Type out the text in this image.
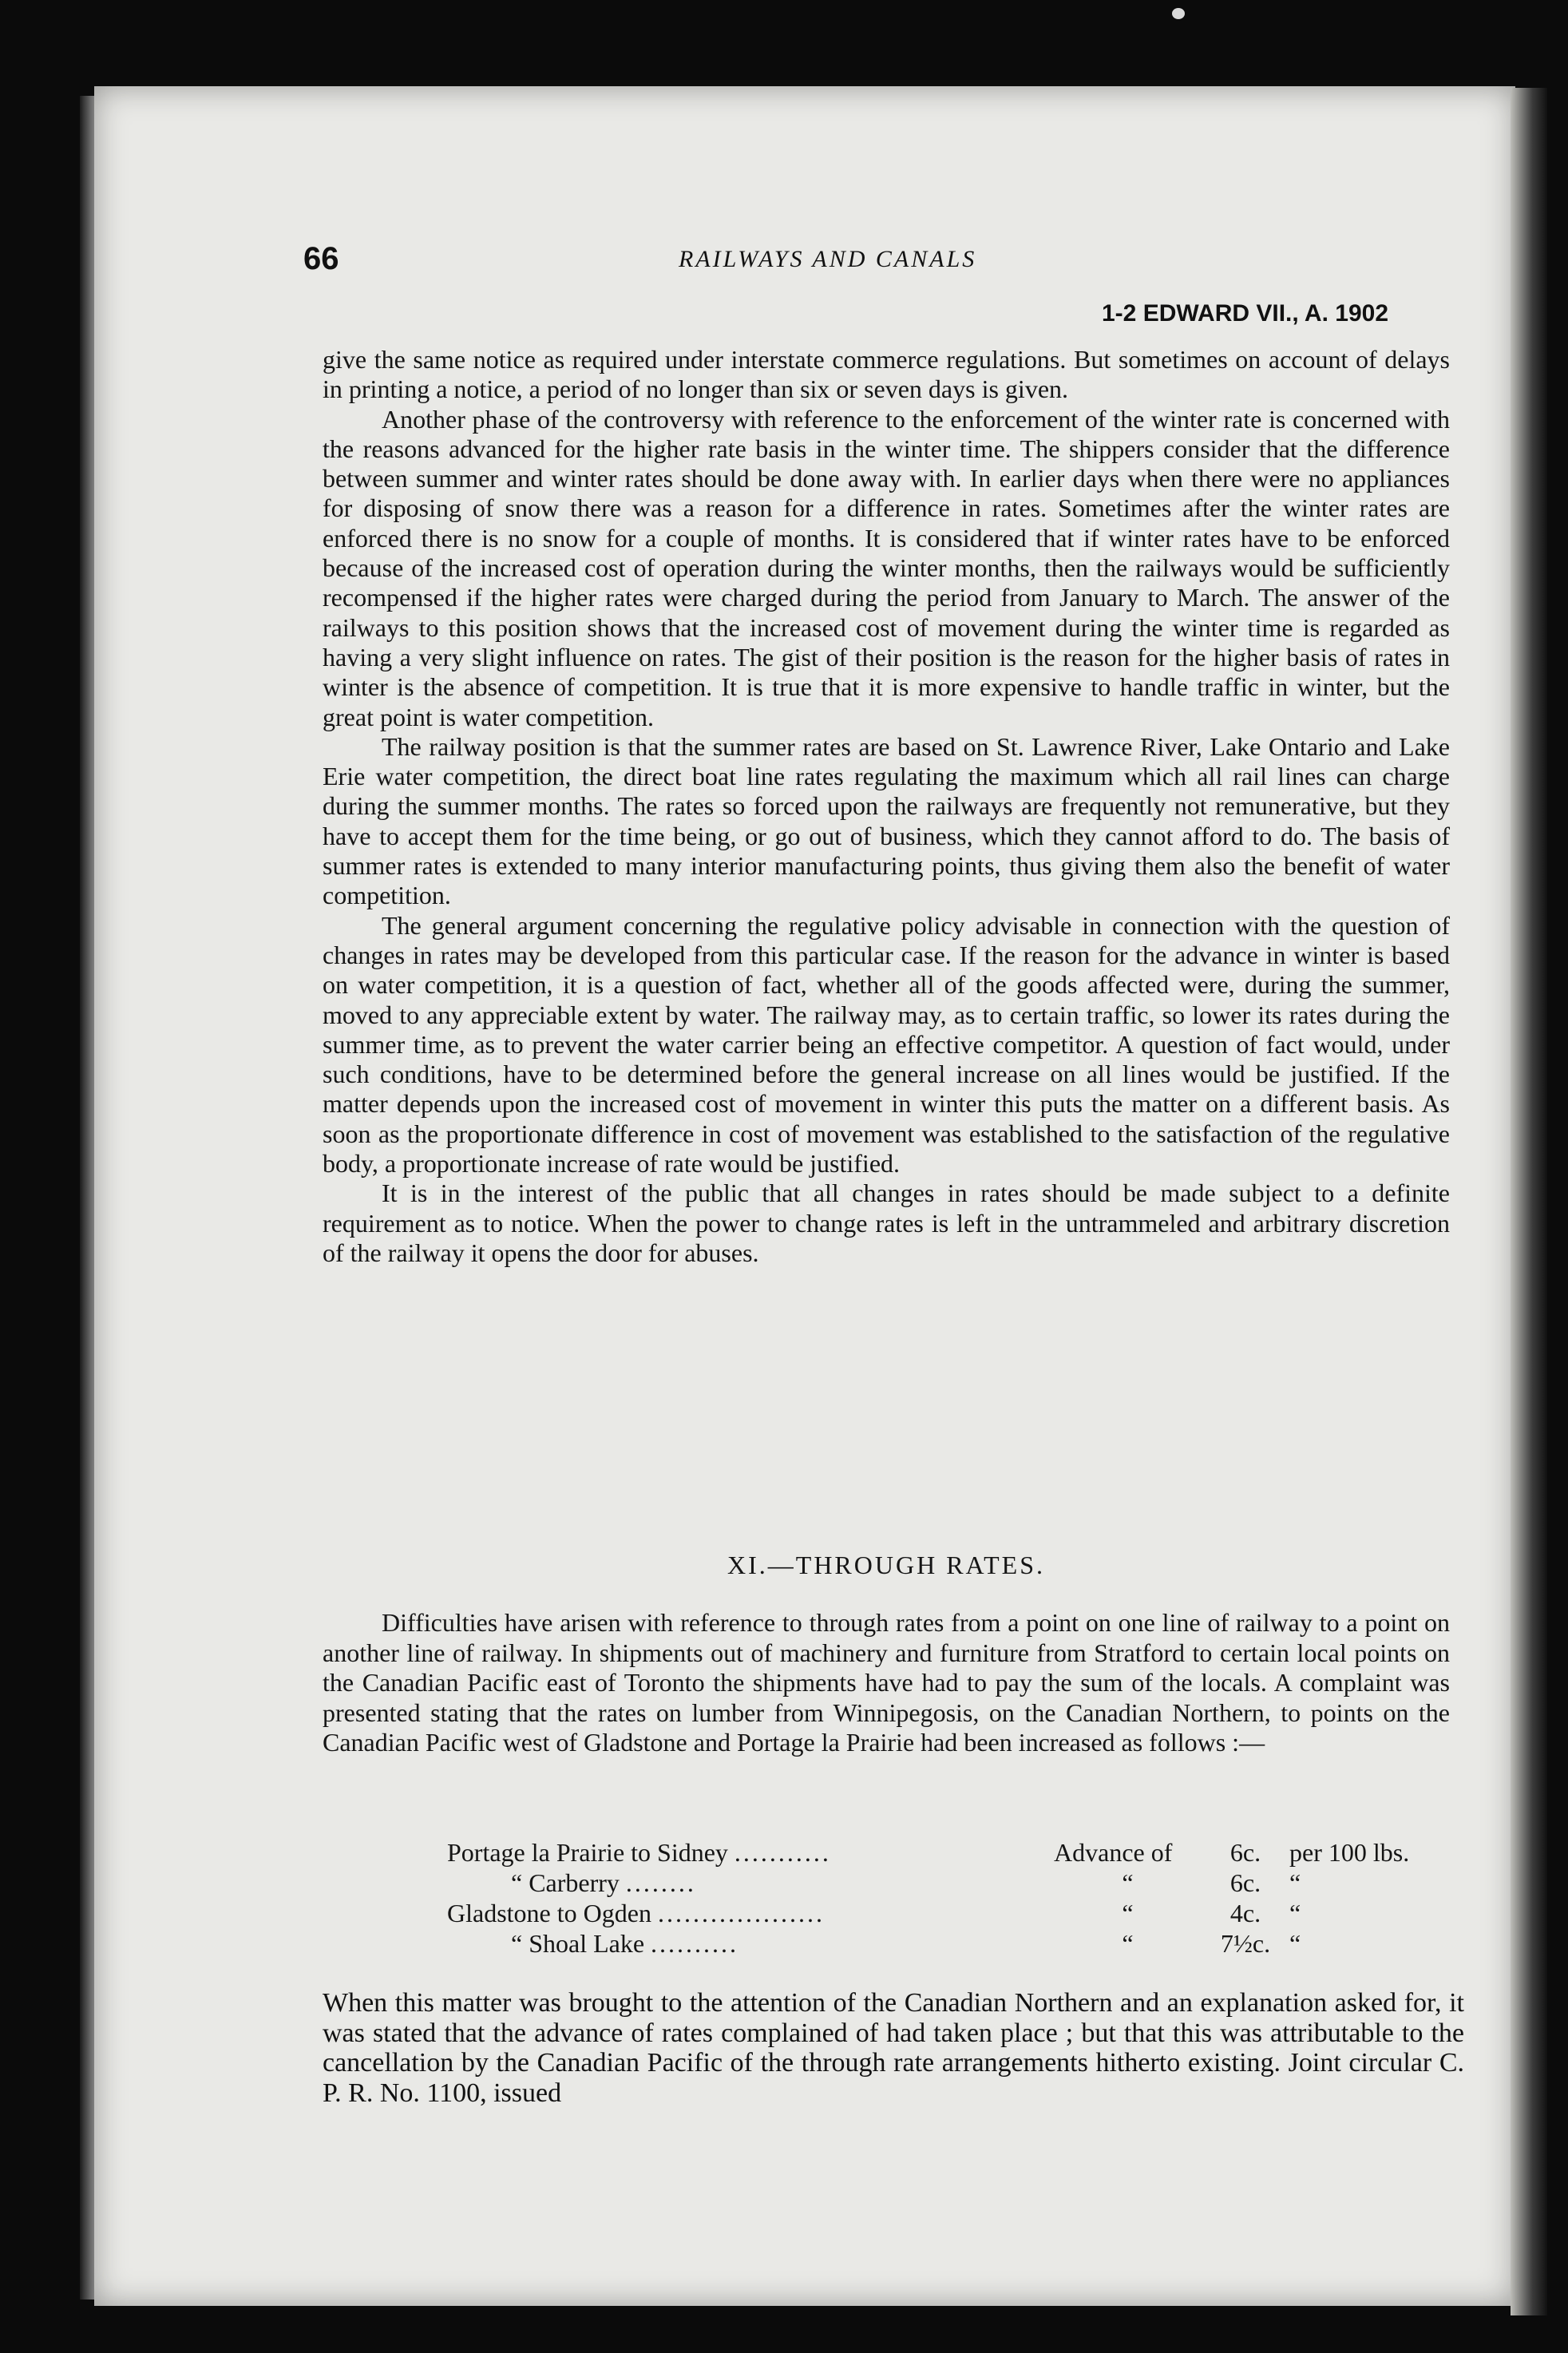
66	RAILWAYS AND CANALS
1-2 EDWARD VII., A. 1902

give the same notice as required under interstate commerce regulations. But sometimes on account of delays in printing a notice, a period of no longer than six or seven days is given.

Another phase of the controversy with reference to the enforcement of the winter rate is concerned with the reasons advanced for the higher rate basis in the winter time. The shippers consider that the difference between summer and winter rates should be done away with. In earlier days when there were no appliances for disposing of snow there was a reason for a difference in rates. Sometimes after the winter rates are enforced there is no snow for a couple of months. It is considered that if winter rates have to be enforced because of the increased cost of operation during the winter months, then the railways would be sufficiently recompensed if the higher rates were charged during the period from January to March. The answer of the railways to this position shows that the increased cost of movement during the winter time is regarded as having a very slight influence on rates. The gist of their position is the reason for the higher basis of rates in winter is the absence of competition. It is true that it is more expensive to handle traffic in winter, but the great point is water competition.

The railway position is that the summer rates are based on St. Lawrence River, Lake Ontario and Lake Erie water competition, the direct boat line rates regulating the maximum which all rail lines can charge during the summer months. The rates so forced upon the railways are frequently not remunerative, but they have to accept them for the time being, or go out of business, which they cannot afford to do. The basis of summer rates is extended to many interior manufacturing points, thus giving them also the benefit of water competition.

The general argument concerning the regulative policy advisable in connection with the question of changes in rates may be developed from this particular case. If the reason for the advance in winter is based on water competition, it is a question of fact, whether all of the goods affected were, during the summer, moved to any appreciable extent by water. The railway may, as to certain traffic, so lower its rates during the summer time, as to prevent the water carrier being an effective competitor. A question of fact would, under such conditions, have to be determined before the general increase on all lines would be justified. If the matter depends upon the increased cost of movement in winter this puts the matter on a different basis. As soon as the proportionate difference in cost of movement was established to the satisfaction of the regulative body, a proportionate increase of rate would be justified.

It is in the interest of the public that all changes in rates should be made subject to a definite requirement as to notice. When the power to change rates is left in the untrammeled and arbitrary discretion of the railway it opens the door for abuses.

XI.—THROUGH RATES.

Difficulties have arisen with reference to through rates from a point on one line of railway to a point on another line of railway. In shipments out of machinery and furniture from Stratford to certain local points on the Canadian Pacific east of Toronto the shipments have had to pay the sum of the locals. A complaint was presented stating that the rates on lumber from Winnipegosis, on the Canadian Northern, to points on the Canadian Pacific west of Gladstone and Portage la Prairie had been increased as follows :—

Portage la Prairie to Sidney ...........	Advance of	6c.	per 100 lbs.
“ Carberry ........	“	6c.	“
Gladstone to Ogden ...................	“	4c.	“
“ Shoal Lake ..........	“	7½c.	“

When this matter was brought to the attention of the Canadian Northern and an explanation asked for, it was stated that the advance of rates complained of had taken place ; but that this was attributable to the cancellation by the Canadian Pacific of the through rate arrangements hitherto existing. Joint circular C. P. R. No. 1100, issued
